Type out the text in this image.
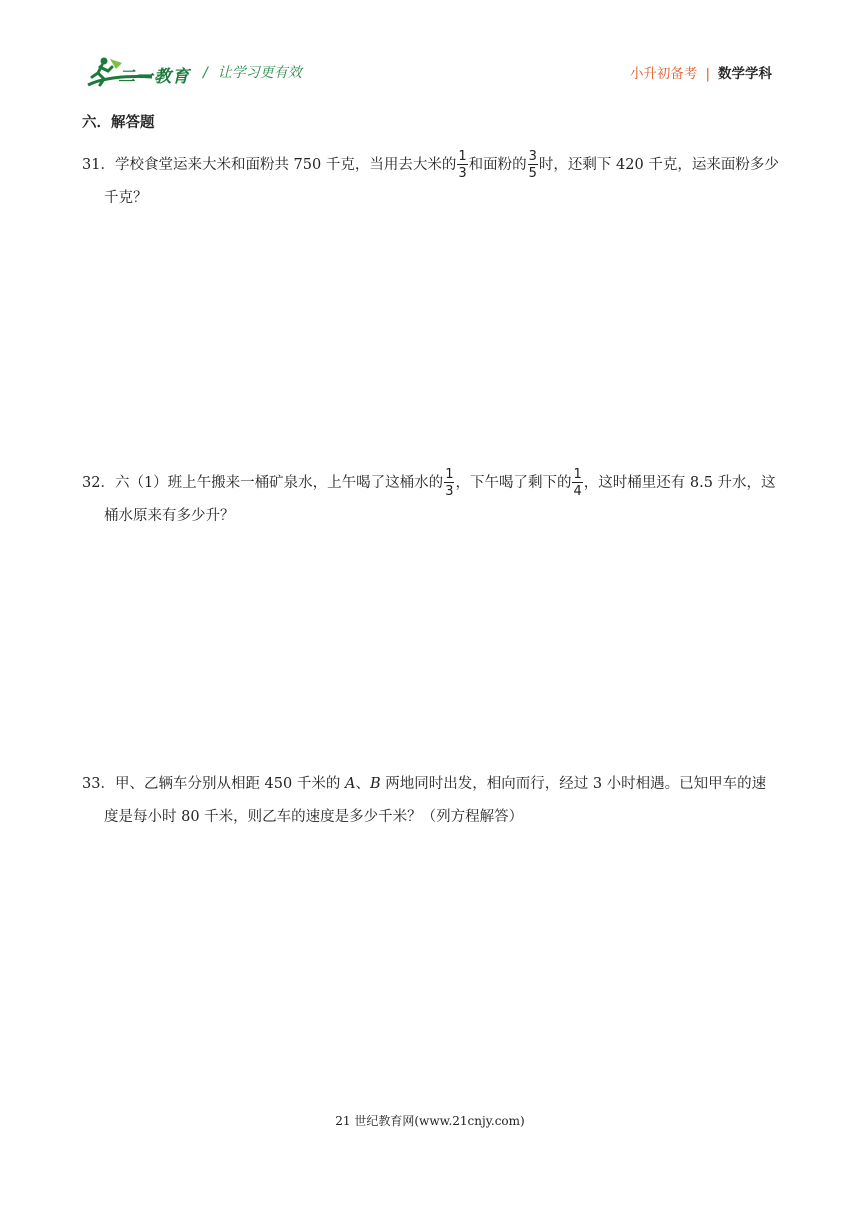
二一教育 / 让学习更有效	小升初备考 | 数学学科
六．解答题
31．学校食堂运来大米和面粉共 750 千克，当用去大米的 $\frac{1}{3}$ 和面粉的 $\frac{3}{5}$ 时，还剩下 420 千克，运来面粉多少
千克？
32．六（1）班上午搬来一桶矿泉水，上午喝了这桶水的 $\frac{1}{3}$ ，下午喝了剩下的 $\frac{1}{4}$ ，这时桶里还有 8.5 升水，这
桶水原来有多少升？
33．甲、乙辆车分别从相距 450 千米的 A、B 两地同时出发，相向而行，经过 3 小时相遇。已知甲车的速
度是每小时 80 千米，则乙车的速度是多少千米？（列方程解答）
21 世纪教育网(www.21cnjy.com)
